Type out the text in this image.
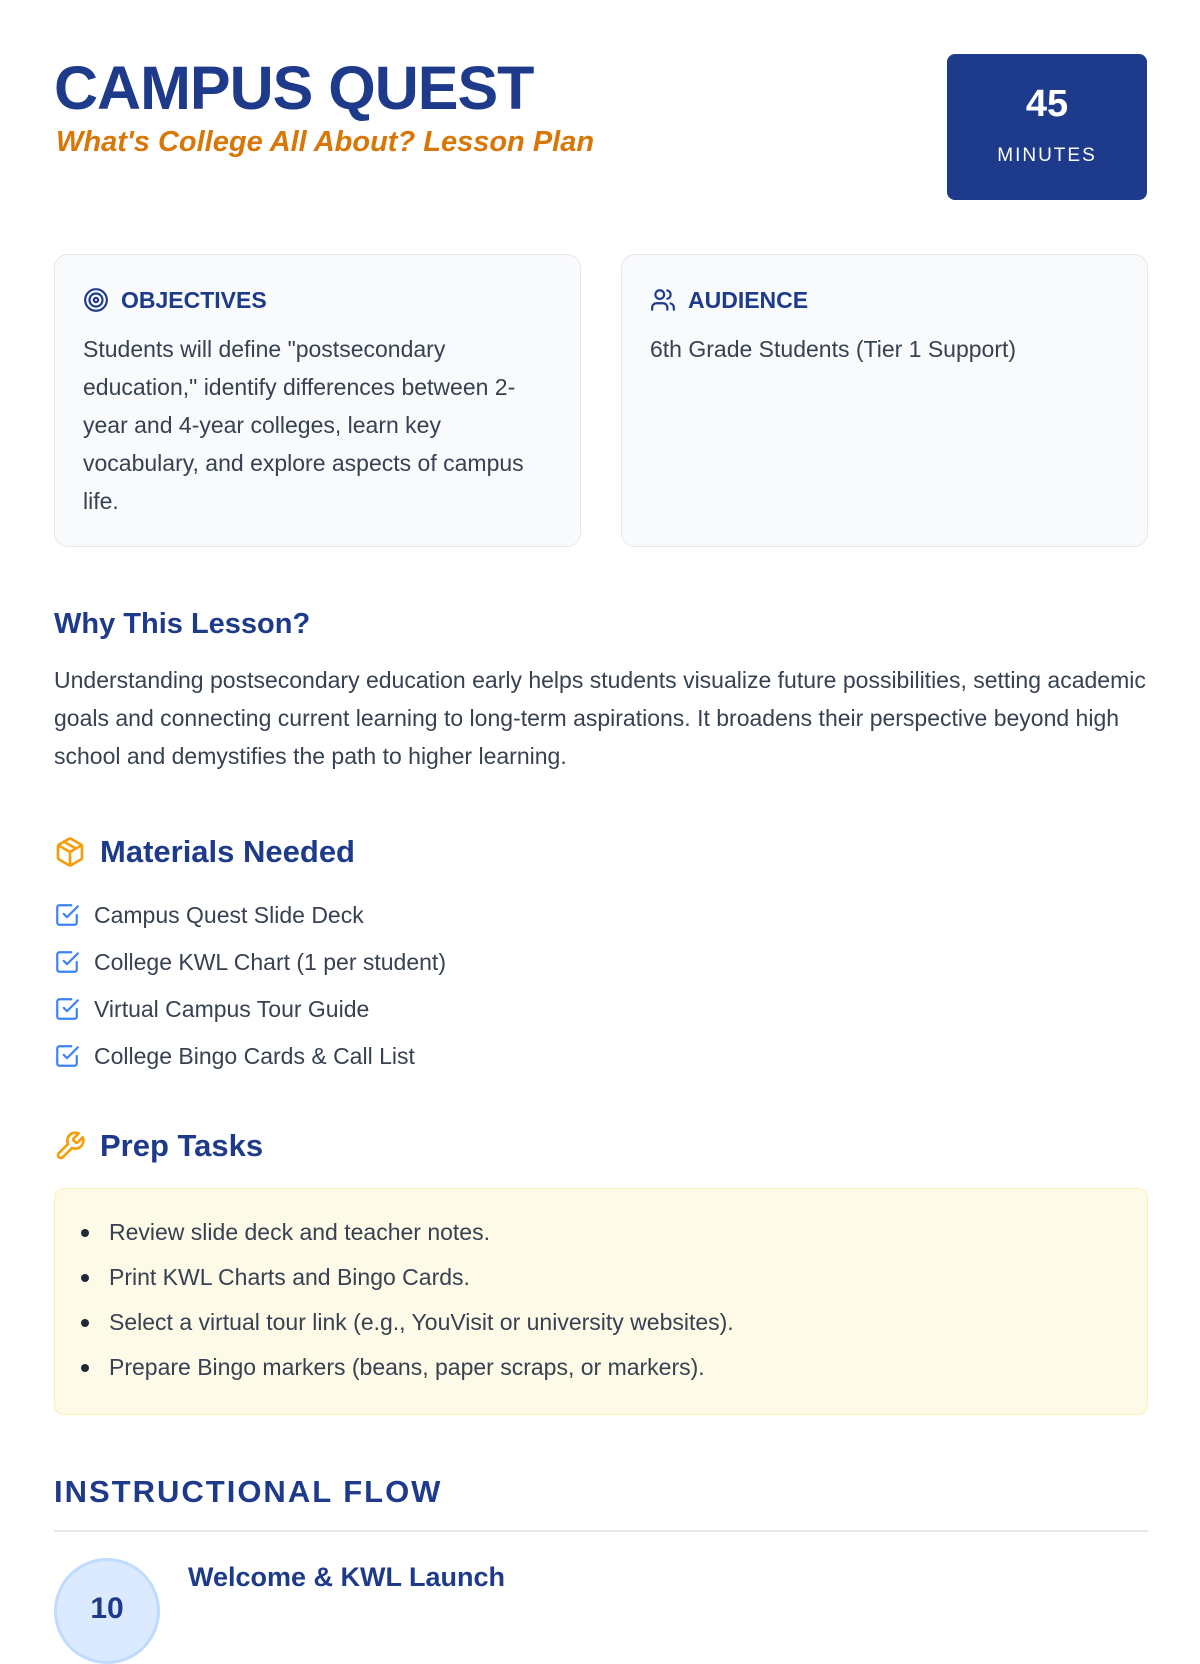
CAMPUS QUEST
What's College All About? Lesson Plan
45
MINUTES
OBJECTIVES

Students will define "postsecondary education," identify differences between 2-year and 4-year colleges, learn key vocabulary, and explore aspects of campus life.

AUDIENCE

6th Grade Students (Tier 1 Support)

Why This Lesson?

Understanding postsecondary education early helps students visualize future possibilities, setting academic goals and connecting current learning to long-term aspirations. It broadens their perspective beyond high school and demystifies the path to higher learning.

Materials Needed
Campus Quest Slide Deck
College KWL Chart (1 per student)
Virtual Campus Tour Guide
College Bingo Cards & Call List
Prep Tasks
Review slide deck and teacher notes.
Print KWL Charts and Bingo Cards.
Select a virtual tour link (e.g., YouVisit or university websites).
Prepare Bingo markers (beans, paper scraps, or markers).
INSTRUCTIONAL FLOW
10
Welcome & KWL Launch
